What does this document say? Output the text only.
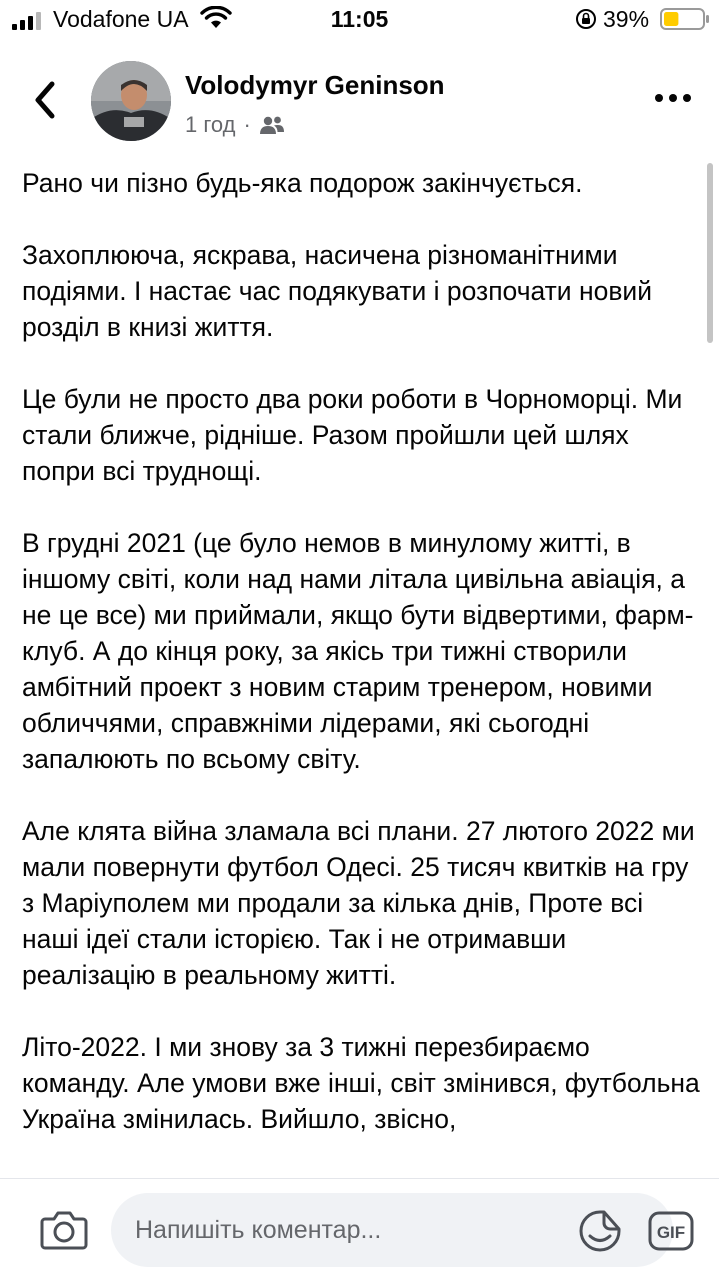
Vodafone UA	11:05	39%
Volodymyr Geninson
1 год ·

Рано чи пізно будь-яка подорож закінчується.

Захоплююча, яскрава, насичена різноманітними подіями. І настає час подякувати і розпочати новий розділ в книзі життя.

Це були не просто два роки роботи в Чорноморці. Ми стали ближче, рідніше. Разом пройшли цей шлях попри всі труднощі.

В грудні 2021 (це було немов в минулому житті, в іншому світі, коли над нами літала цивільна авіація, а не це все) ми приймали, якщо бути відвертими, фарм-клуб. А до кінця року, за якісь три тижні створили амбітний проект з новим старим тренером, новими обличчями, справжніми лідерами, які сьогодні запалюють по всьому світу.

Але клята війна зламала всі плани. 27 лютого 2022 ми мали повернути футбол Одесі. 25 тисяч квитків на гру з Маріуполем ми продали за кілька днів, Проте всі наші ідеї стали історією. Так і не отримавши реалізацію в реальному житті.

Літо-2022. І ми знову за 3 тижні перезбираємо команду. Але умови вже інші, світ змінився, футбольна Україна змінилась. Вийшло, звісно,

Напишіть коментар...	GIF
